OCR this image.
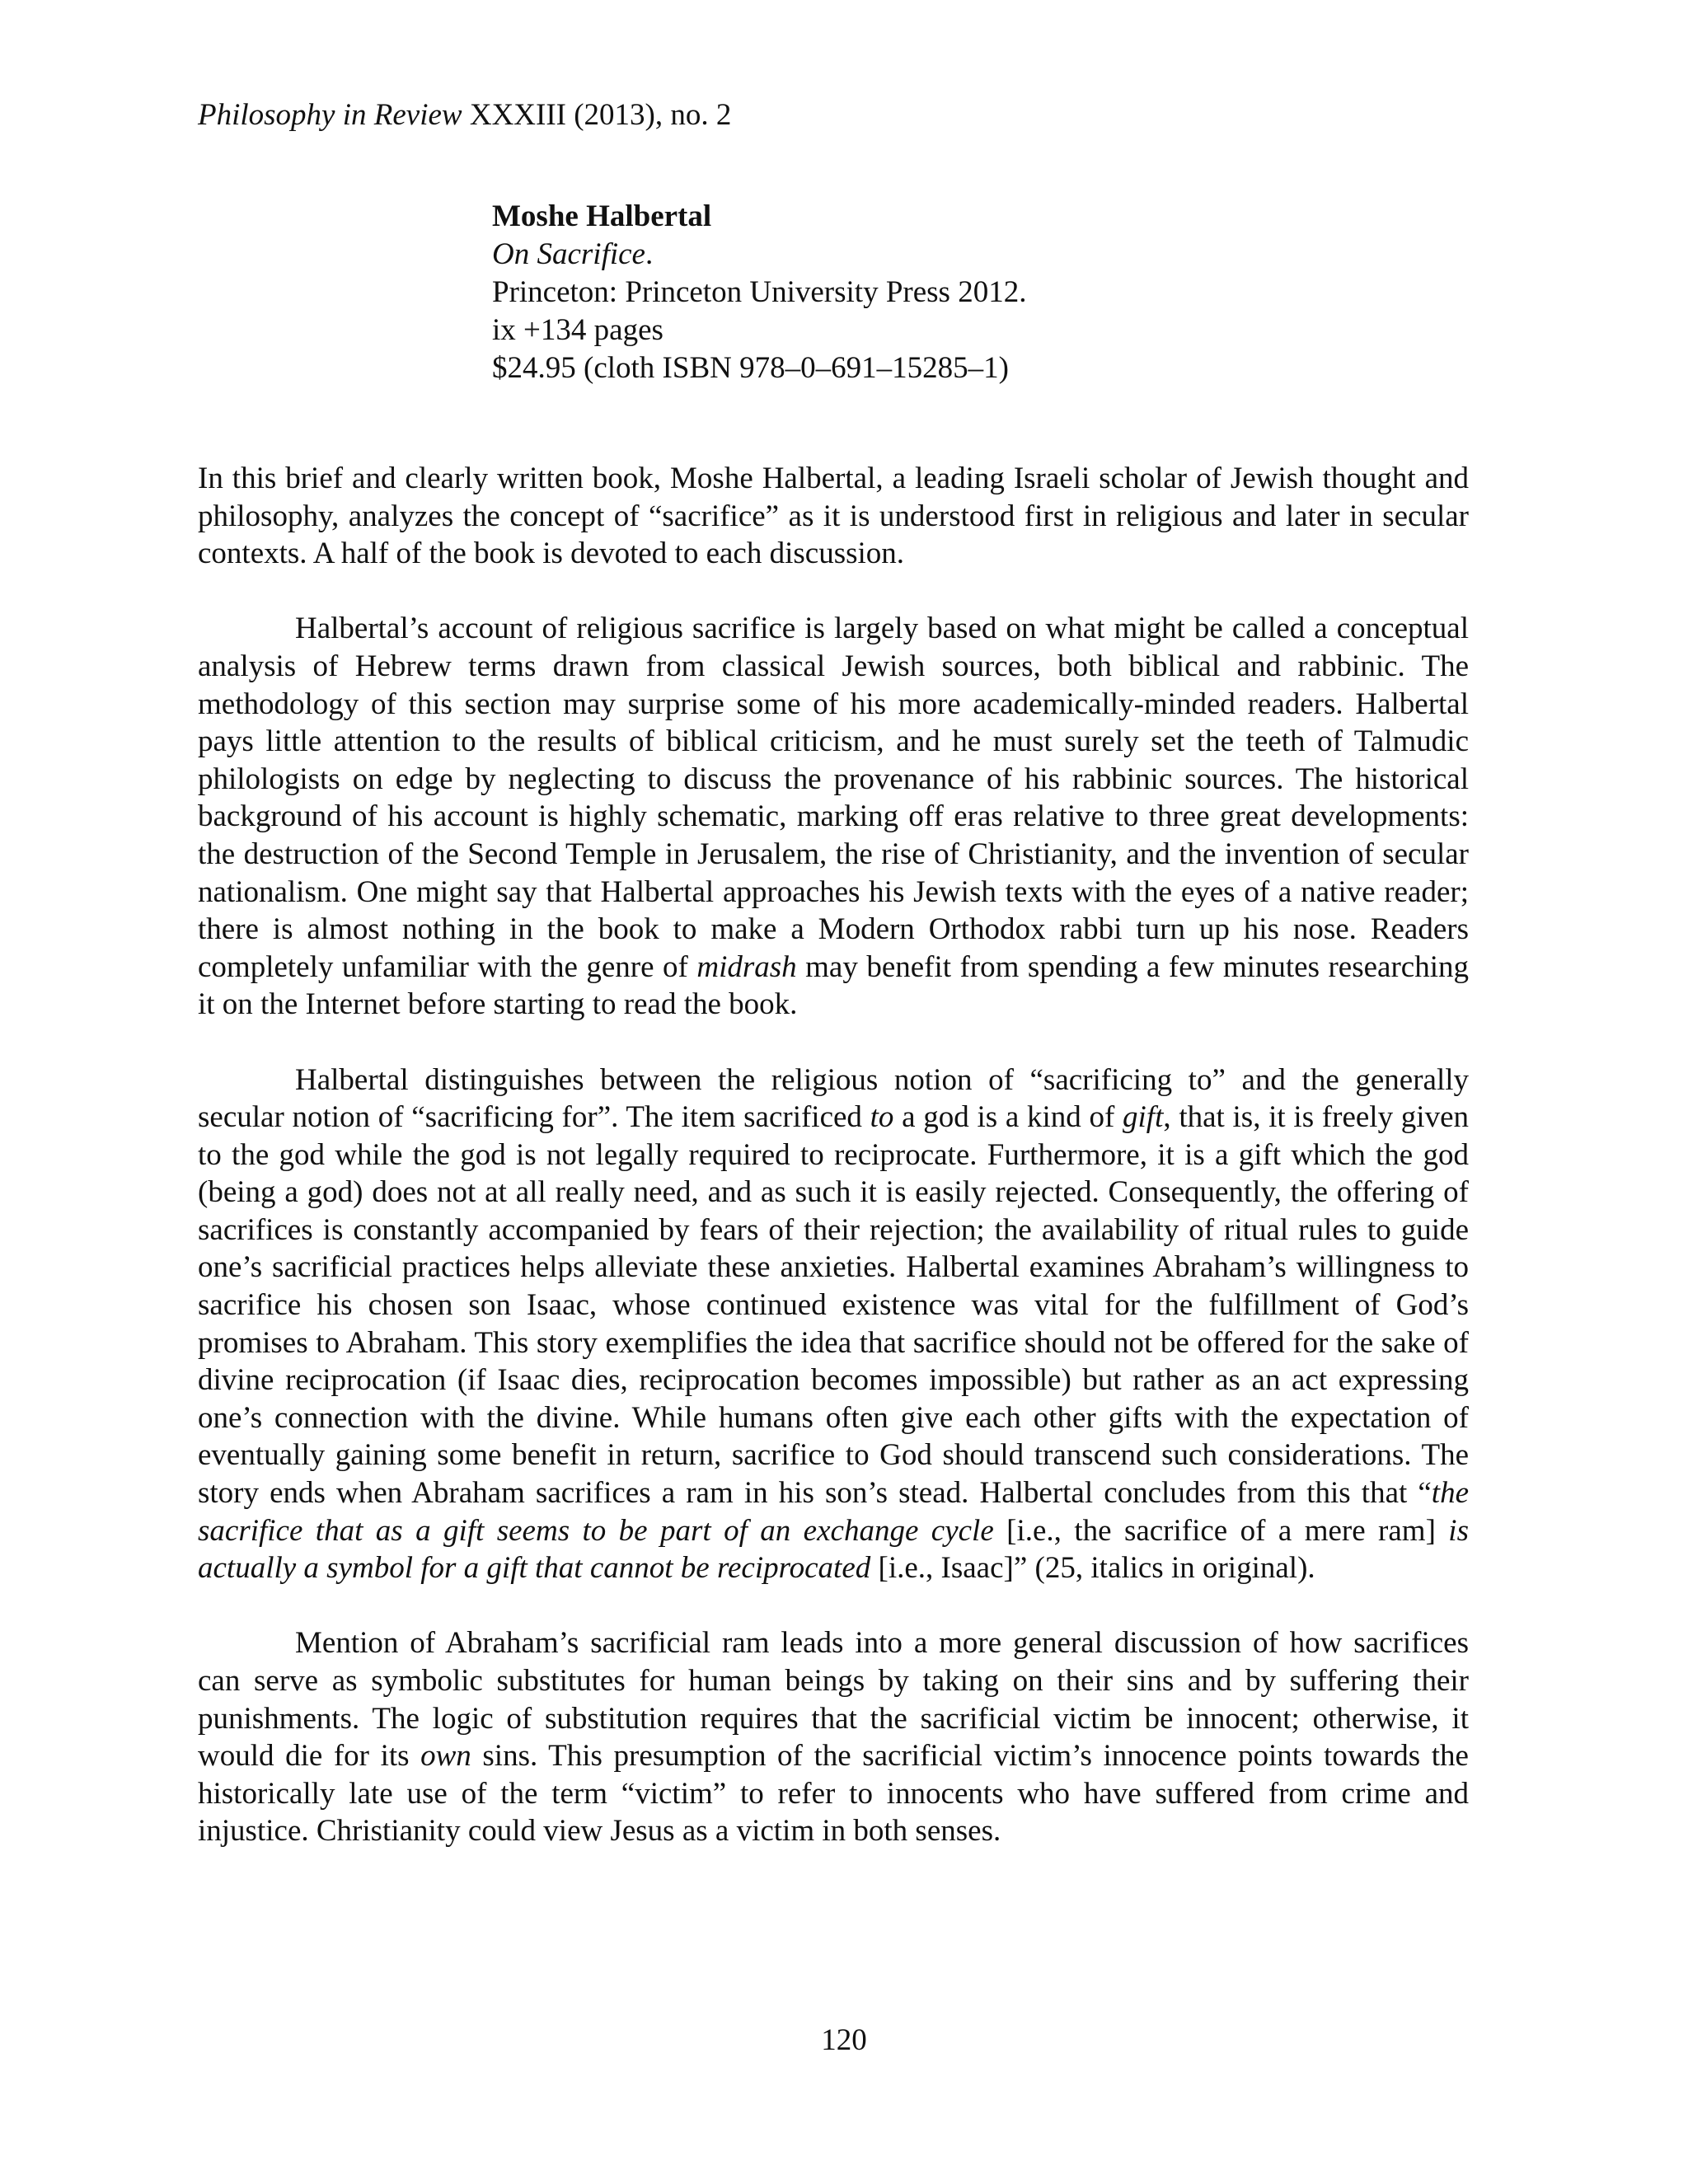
Philosophy in Review XXXIII (2013), no. 2
Moshe Halbertal
On Sacrifice.
Princeton: Princeton University Press 2012.
ix +134 pages
$24.95 (cloth ISBN 978–0–691–15285–1)

In this brief and clearly written book, Moshe Halbertal, a leading Israeli scholar of Jewish thought and philosophy, analyzes the concept of “sacrifice” as it is understood first in religious and later in secular contexts. A half of the book is devoted to each discussion.

Halbertal’s account of religious sacrifice is largely based on what might be called a conceptual analysis of Hebrew terms drawn from classical Jewish sources, both biblical and rabbinic. The methodology of this section may surprise some of his more academically-minded readers. Halbertal pays little attention to the results of biblical criticism, and he must surely set the teeth of Talmudic philologists on edge by neglecting to discuss the provenance of his rabbinic sources. The historical background of his account is highly schematic, marking off eras relative to three great developments: the destruction of the Second Temple in Jerusalem, the rise of Christianity, and the invention of secular nationalism. One might say that Halbertal approaches his Jewish texts with the eyes of a native reader; there is almost nothing in the book to make a Modern Orthodox rabbi turn up his nose. Readers completely unfamiliar with the genre of midrash may benefit from spending a few minutes researching it on the Internet before starting to read the book.

Halbertal distinguishes between the religious notion of “sacrificing to” and the generally secular notion of “sacrificing for”. The item sacrificed to a god is a kind of gift, that is, it is freely given to the god while the god is not legally required to reciprocate. Furthermore, it is a gift which the god (being a god) does not at all really need, and as such it is easily rejected. Consequently, the offering of sacrifices is constantly accompanied by fears of their rejection; the availability of ritual rules to guide one’s sacrificial practices helps alleviate these anxieties. Halbertal examines Abraham’s willingness to sacrifice his chosen son Isaac, whose continued existence was vital for the fulfillment of God’s promises to Abraham. This story exemplifies the idea that sacrifice should not be offered for the sake of divine reciprocation (if Isaac dies, reciprocation becomes impossible) but rather as an act expressing one’s connection with the divine. While humans often give each other gifts with the expectation of eventually gaining some benefit in return, sacrifice to God should transcend such considerations. The story ends when Abraham sacrifices a ram in his son’s stead. Halbertal concludes from this that “the sacrifice that as a gift seems to be part of an exchange cycle [i.e., the sacrifice of a mere ram] is actually a symbol for a gift that cannot be reciprocated [i.e., Isaac]” (25, italics in original).

Mention of Abraham’s sacrificial ram leads into a more general discussion of how sacrifices can serve as symbolic substitutes for human beings by taking on their sins and by suffering their punishments. The logic of substitution requires that the sacrificial victim be innocent; otherwise, it would die for its own sins. This presumption of the sacrificial victim’s innocence points towards the historically late use of the term “victim” to refer to innocents who have suffered from crime and injustice. Christianity could view Jesus as a victim in both senses.

120
